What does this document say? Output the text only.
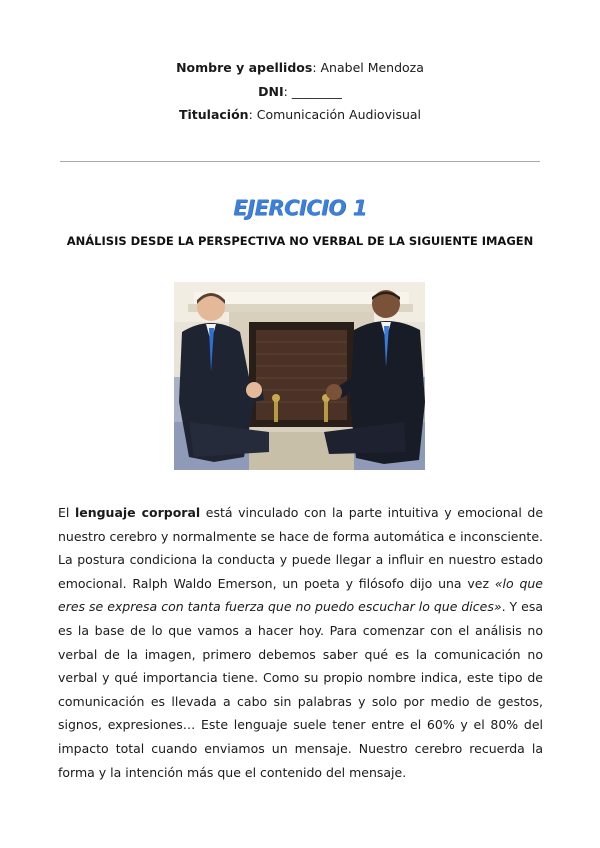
Nombre y apellidos: Anabel Mendoza
DNI: ________
Titulación: Comunicación Audiovisual
EJERCICIO 1
ANÁLISIS DESDE LA PERSPECTIVA NO VERBAL DE LA SIGUIENTE IMAGEN
El lenguaje corporal está vinculado con la parte intuitiva y emocional de nuestro cerebro y normalmente se hace de forma automática e inconsciente. La postura condiciona la conducta y puede llegar a influir en nuestro estado emocional. Ralph Waldo Emerson, un poeta y filósofo dijo una vez «lo que eres se expresa con tanta fuerza que no puedo escuchar lo que dices». Y esa es la base de lo que vamos a hacer hoy. Para comenzar con el análisis no verbal de la imagen, primero debemos saber qué es la comunicación no verbal y qué importancia tiene. Como su propio nombre indica, este tipo de comunicación es llevada a cabo sin palabras y solo por medio de gestos, signos, expresiones… Este lenguaje suele tener entre el 60% y el 80% del impacto total cuando enviamos un mensaje. Nuestro cerebro recuerda la forma y la intención más que el contenido del mensaje.
